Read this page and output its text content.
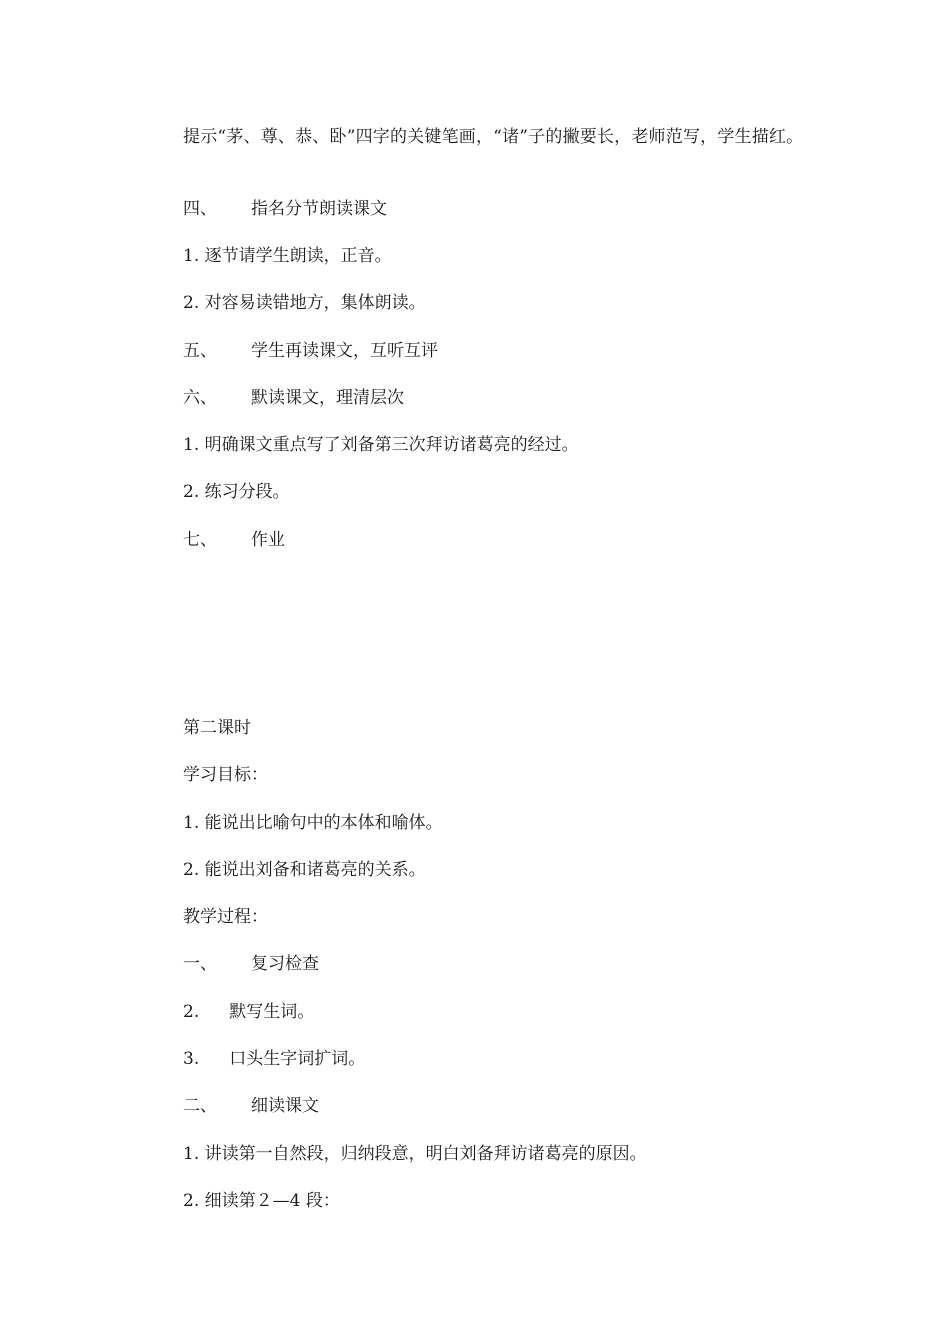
提示“茅、尊、恭、卧”四字的关键笔画，“诸”子的撇要长，老师范写，学生描红。
四、 指名分节朗读课文
1. 逐节请学生朗读，正音。
2. 对容易读错地方，集体朗读。
五、 学生再读课文，互听互评
六、 默读课文，理清层次
1. 明确课文重点写了刘备第三次拜访诸葛亮的经过。
2. 练习分段。
七、 作业
第二课时
学习目标：
1. 能说出比喻句中的本体和喻体。
2. 能说出刘备和诸葛亮的关系。
教学过程：
一、 复习检查
2. 默写生词。
3. 口头生字词扩词。
二、 细读课文
1. 讲读第一自然段，归纳段意，明白刘备拜访诸葛亮的原因。
2. 细读第２—4 段：
